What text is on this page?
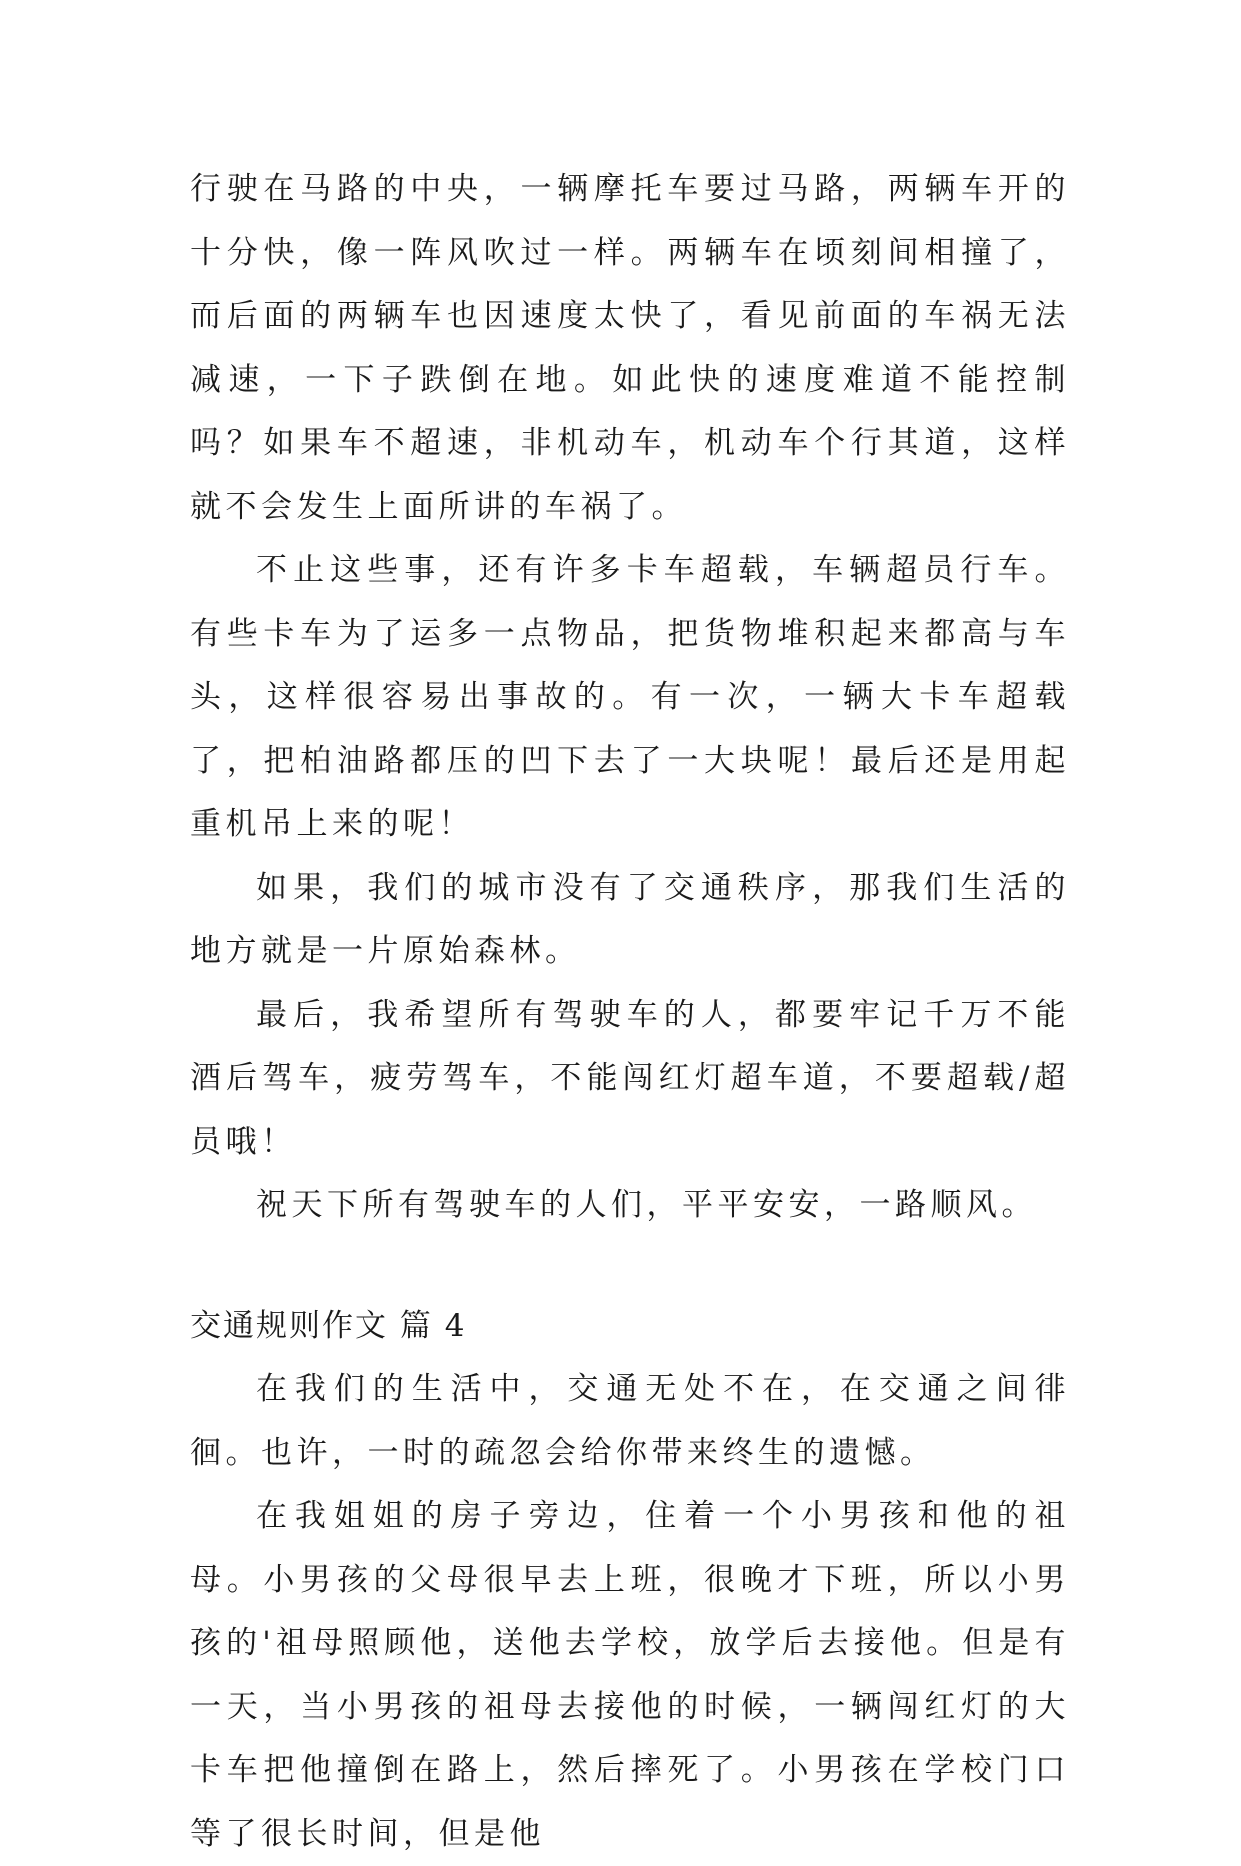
行驶在马路的中央，一辆摩托车要过马路，两辆车开的十分快，像一阵风吹过一样。两辆车在顷刻间相撞了，而后面的两辆车也因速度太快了，看见前面的车祸无法减速，一下子跌倒在地。如此快的速度难道不能控制吗？如果车不超速，非机动车，机动车个行其道，这样就不会发生上面所讲的车祸了。

不止这些事，还有许多卡车超载，车辆超员行车。有些卡车为了运多一点物品，把货物堆积起来都高与车头，这样很容易出事故的。有一次，一辆大卡车超载了，把柏油路都压的凹下去了一大块呢！最后还是用起重机吊上来的呢！

如果，我们的城市没有了交通秩序，那我们生活的地方就是一片原始森林。

最后，我希望所有驾驶车的人，都要牢记千万不能酒后驾车，疲劳驾车，不能闯红灯超车道，不要超载/超员哦！

祝天下所有驾驶车的人们，平平安安，一路顺风。

交通规则作文 篇 4

在我们的生活中，交通无处不在，在交通之间徘徊。也许，一时的疏忽会给你带来终生的遗憾。

在我姐姐的房子旁边，住着一个小男孩和他的祖母。小男孩的父母很早去上班，很晚才下班，所以小男孩的'祖母照顾他，送他去学校，放学后去接他。但是有一天，当小男孩的祖母去接他的时候，一辆闯红灯的大卡车把他撞倒在路上，然后摔死了。小男孩在学校门口等了很长时间，但是他
